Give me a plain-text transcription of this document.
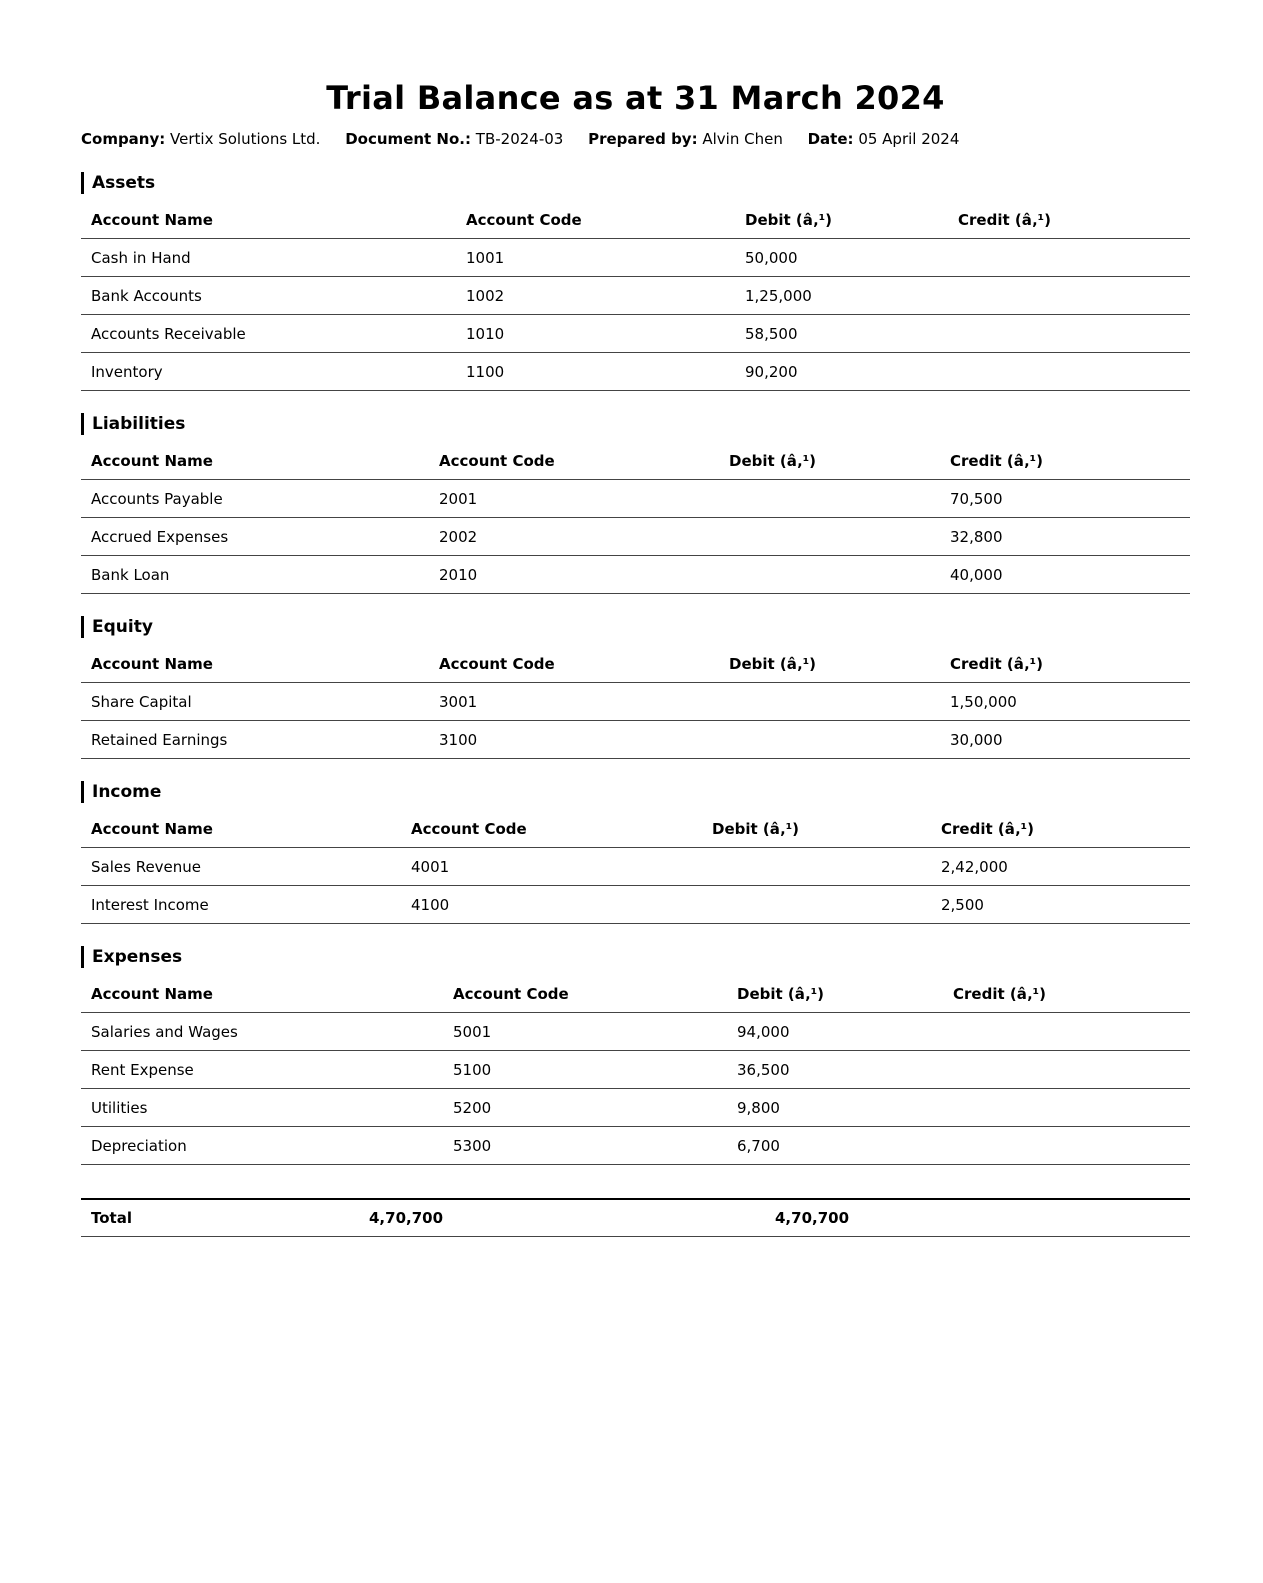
Trial Balance as at 31 March 2024
Company: Vertix Solutions Ltd. Document No.: TB-2024-03 Prepared by: Alvin Chen Date: 05 April 2024
Assets
Account Name	Account Code	Debit (â‚¹)	Credit (â‚¹)
Cash in Hand	1001	50,000	
Bank Accounts	1002	1,25,000	
Accounts Receivable	1010	58,500	
Inventory	1100	90,200	
Liabilities
Account Name	Account Code	Debit (â‚¹)	Credit (â‚¹)
Accounts Payable	2001		70,500
Accrued Expenses	2002		32,800
Bank Loan	2010		40,000
Equity
Account Name	Account Code	Debit (â‚¹)	Credit (â‚¹)
Share Capital	3001		1,50,000
Retained Earnings	3100		30,000
Income
Account Name	Account Code	Debit (â‚¹)	Credit (â‚¹)
Sales Revenue	4001		2,42,000
Interest Income	4100		2,500
Expenses
Account Name	Account Code	Debit (â‚¹)	Credit (â‚¹)
Salaries and Wages	5001	94,000	
Rent Expense	5100	36,500	
Utilities	5200	9,800	
Depreciation	5300	6,700	
Total	4,70,700	4,70,700
